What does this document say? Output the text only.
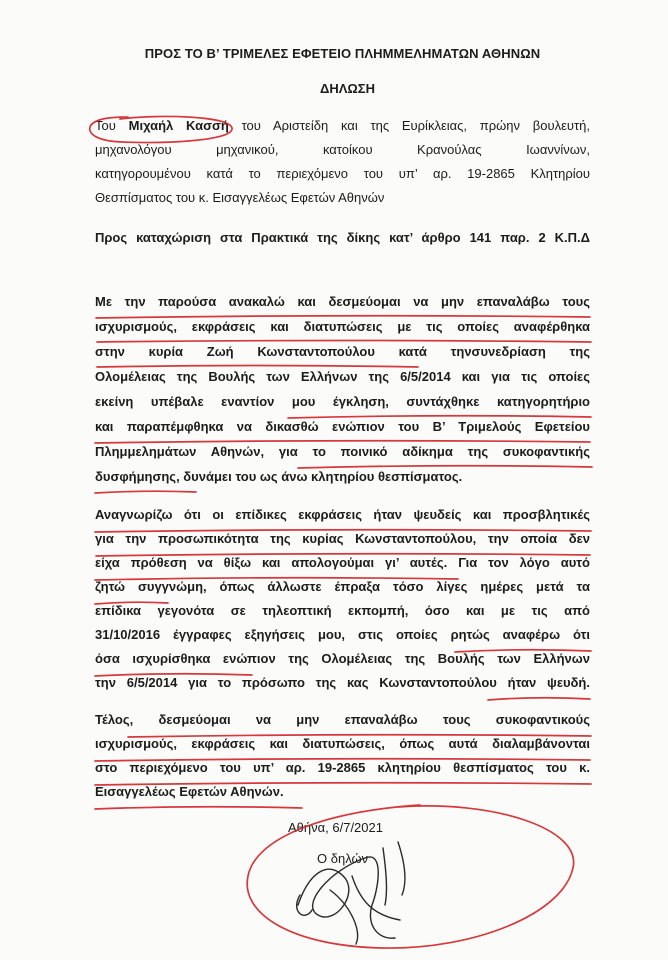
ΠΡΟΣ ΤΟ Β’ ΤΡΙΜΕΛΕΣ ΕΦΕΤΕΙΟ ΠΛΗΜΜΕΛΗΜΑΤΩΝ ΑΘΗΝΩΝ
ΔΗΛΩΣΗ
Του Μιχαήλ Κασσή του Αριστείδη και της Ευρίκλειας, πρώην βουλευτή,
μηχανολόγου μηχανικού, κατοίκου Κρανούλας Ιωαννίνων,
κατηγορουμένου κατά το περιεχόμενο του υπ’ αρ. 19-2865 Κλητηρίου
Θεσπίσματος του κ. Εισαγγελέως Εφετών Αθηνών
Προς καταχώριση στα Πρακτικά της δίκης κατ’ άρθρο 141 παρ. 2 Κ.Π.Δ
Με την παρούσα ανακαλώ και δεσμεύομαι να μην επαναλάβω τους
ισχυρισμούς, εκφράσεις και διατυπώσεις με τις οποίες αναφέρθηκα
στην κυρία Ζωή Κωνσταντοπούλου κατά τηνσυνεδρίαση της
Ολομέλειας της Βουλής των Ελλήνων της 6/5/2014 και για τις οποίες
εκείνη υπέβαλε εναντίον μου έγκληση, συντάχθηκε κατηγορητήριο
και παραπέμφθηκα να δικασθώ ενώπιον του Β’ Τριμελούς Εφετείου
Πλημμελημάτων Αθηνών, για το ποινικό αδίκημα της συκοφαντικής
δυσφήμησης, δυνάμει του ως άνω κλητηρίου θεσπίσματος.
Αναγνωρίζω ότι οι επίδικες εκφράσεις ήταν ψευδείς και προσβλητικές
για την προσωπικότητα της κυρίας Κωνσταντοπούλου, την οποία δεν
είχα πρόθεση να θίξω και απολογούμαι γι’ αυτές. Για τον λόγο αυτό
ζητώ συγγνώμη, όπως άλλωστε έπραξα τόσο λίγες ημέρες μετά τα
επίδικα γεγονότα σε τηλεοπτική εκπομπή, όσο και με τις από
31/10/2016 έγγραφες εξηγήσεις μου, στις οποίες ρητώς αναφέρω ότι
όσα ισχυρίσθηκα ενώπιον της Ολομέλειας της Βουλής των Ελλήνων
την 6/5/2014 για το πρόσωπο της κας Κωνσταντοπούλου ήταν ψευδή.
Τέλος, δεσμεύομαι να μην επαναλάβω τους συκοφαντικούς
ισχυρισμούς, εκφράσεις και διατυπώσεις, όπως αυτά διαλαμβάνονται
στο περιεχόμενο του υπ’ αρ. 19-2865 κλητηρίου θεσπίσματος του κ.
Εισαγγελέως Εφετών Αθηνών.
Αθήνα, 6/7/2021
Ο δηλών
